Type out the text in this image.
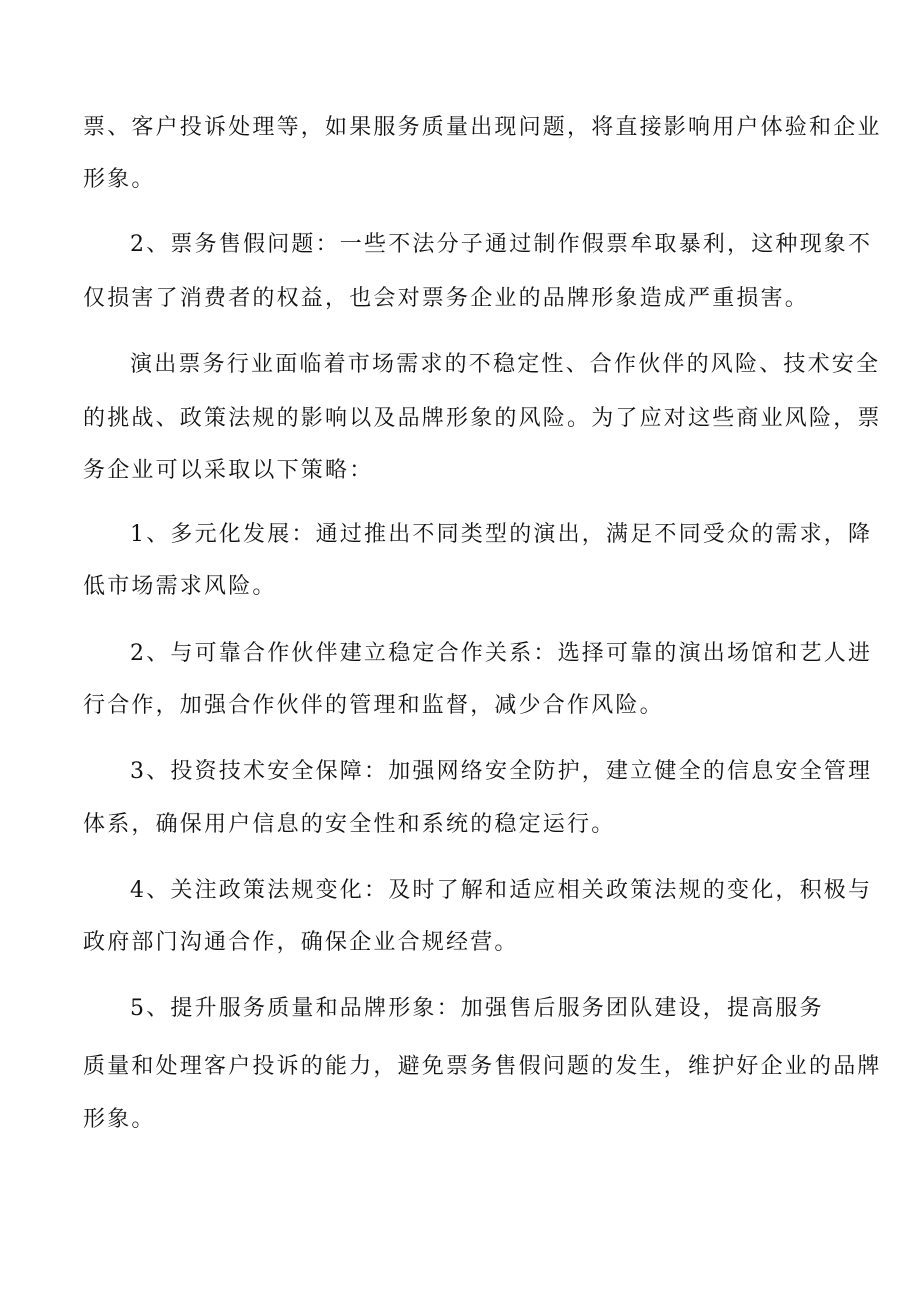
票、客户投诉处理等，如果服务质量出现问题，将直接影响用户体验和企业
形象。
2、票务售假问题：一些不法分子通过制作假票牟取暴利，这种现象不
仅损害了消费者的权益，也会对票务企业的品牌形象造成严重损害。
演出票务行业面临着市场需求的不稳定性、合作伙伴的风险、技术安全
的挑战、政策法规的影响以及品牌形象的风险。为了应对这些商业风险，票
务企业可以采取以下策略：
1、多元化发展：通过推出不同类型的演出，满足不同受众的需求，降
低市场需求风险。
2、与可靠合作伙伴建立稳定合作关系：选择可靠的演出场馆和艺人进
行合作，加强合作伙伴的管理和监督，减少合作风险。
3、投资技术安全保障：加强网络安全防护，建立健全的信息安全管理
体系，确保用户信息的安全性和系统的稳定运行。
4、关注政策法规变化：及时了解和适应相关政策法规的变化，积极与
政府部门沟通合作，确保企业合规经营。
5、提升服务质量和品牌形象：加强售后服务团队建设，提高服务
质量和处理客户投诉的能力，避免票务售假问题的发生，维护好企业的品牌
形象。
